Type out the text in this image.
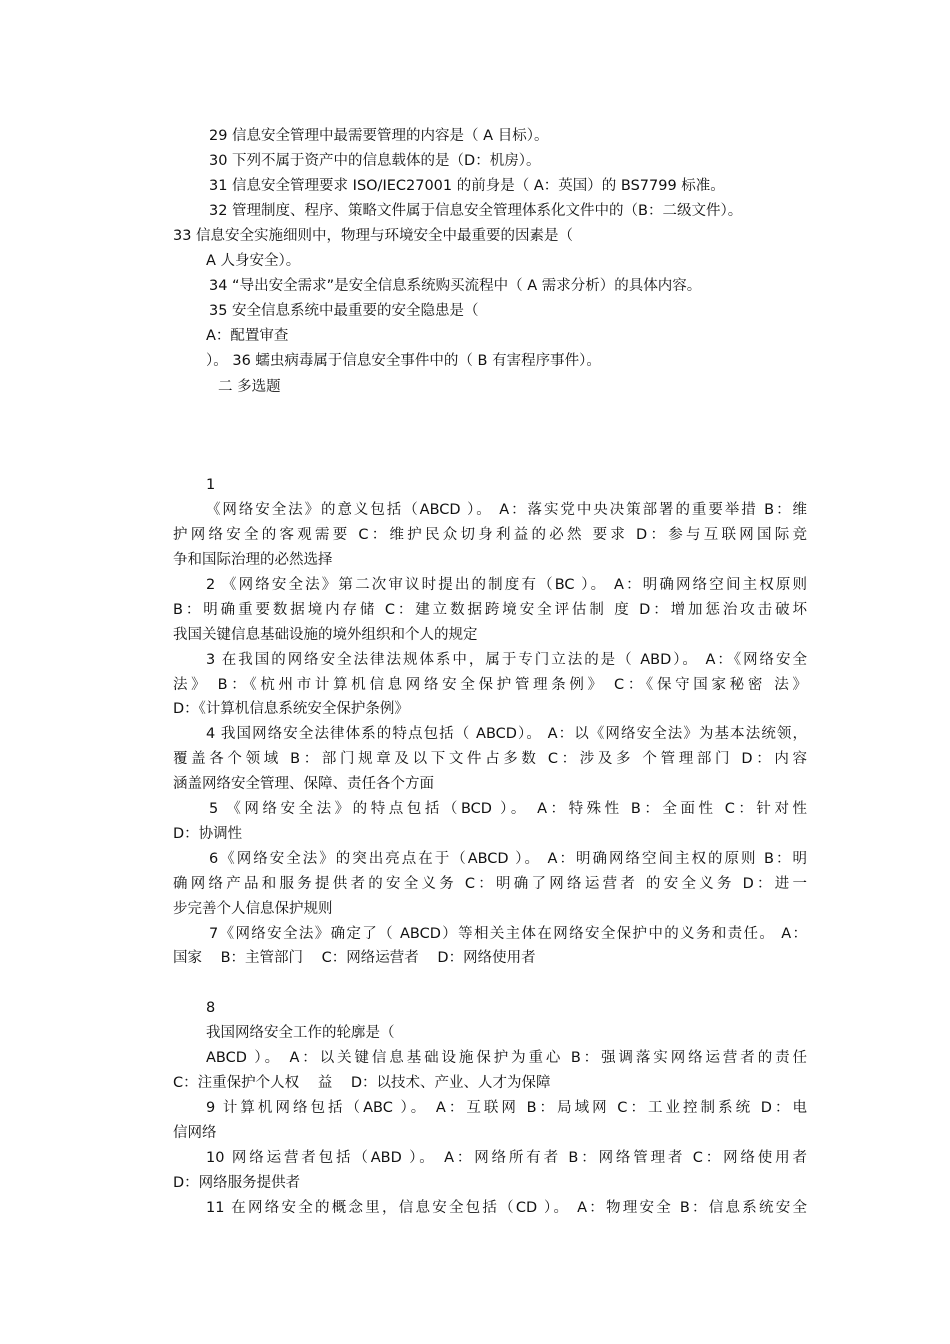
29 信息安全管理中最需要管理的内容是（ A 目标）。
30 下列不属于资产中的信息载体的是（D：机房）。
31 信息安全管理要求 ISO/IEC27001 的前身是（ A：英国）的 BS7799 标准。
32 管理制度、程序、策略文件属于信息安全管理体系化文件中的（B：二级文件）。
33 信息安全实施细则中，物理与环境安全中最重要的因素是（
A 人身安全）。
34 “导出安全需求”是安全信息系统购买流程中（ A 需求分析）的具体内容。
35 安全信息系统中最重要的安全隐患是（
A：配置审查
）。 36 蠕虫病毒属于信息安全事件中的（ B 有害程序事件）。
二 多选题
1
《网络安全法》的意义包括（ABCD ）。 A：落实党中央决策部署的重要举措 B：维
护网络安全的客观需要 C：维护民众切身利益的必然 要求 D：参与互联网国际竞
争和国际治理的必然选择
2 《网络安全法》第二次审议时提出的制度有（BC ）。 A：明确网络空间主权原则
B：明确重要数据境内存储 C：建立数据跨境安全评估制 度 D：增加惩治攻击破坏
我国关键信息基础设施的境外组织和个人的规定
3 在我国的网络安全法律法规体系中，属于专门立法的是（ ABD）。 A：《网络安全
法》 B：《杭州市计算机信息网络安全保护管理条例》 C：《保守国家秘密 法》
D：《计算机信息系统安全保护条例》
4 我国网络安全法律体系的特点包括（ ABCD）。 A：以《网络安全法》为基本法统领，
覆盖各个领域 B：部门规章及以下文件占多数 C：涉及多 个管理部门 D：内容
涵盖网络安全管理、保障、责任各个方面
5 《网络安全法》的特点包括（BCD ）。 A：特殊性 B：全面性 C：针对性
D：协调性
6《网络安全法》的突出亮点在于（ABCD ）。 A：明确网络空间主权的原则 B：明
确网络产品和服务提供者的安全义务 C：明确了网络运营者 的安全义务 D：进一
步完善个人信息保护规则
7《网络安全法》确定了（ ABCD）等相关主体在网络安全保护中的义务和责任。 A：
国家 B：主管部门 C：网络运营者 D：网络使用者
8
我国网络安全工作的轮廓是（
ABCD ）。 A：以关键信息基础设施保护为重心 B：强调落实网络运营者的责任
C：注重保护个人权 益 D：以技术、产业、人才为保障
9 计算机网络包括（ABC ）。 A：互联网 B：局域网 C：工业控制系统 D：电
信网络
10 网络运营者包括（ABD ）。 A：网络所有者 B：网络管理者 C：网络使用者
D：网络服务提供者
11 在网络安全的概念里，信息安全包括（CD ）。 A：物理安全 B：信息系统安全
